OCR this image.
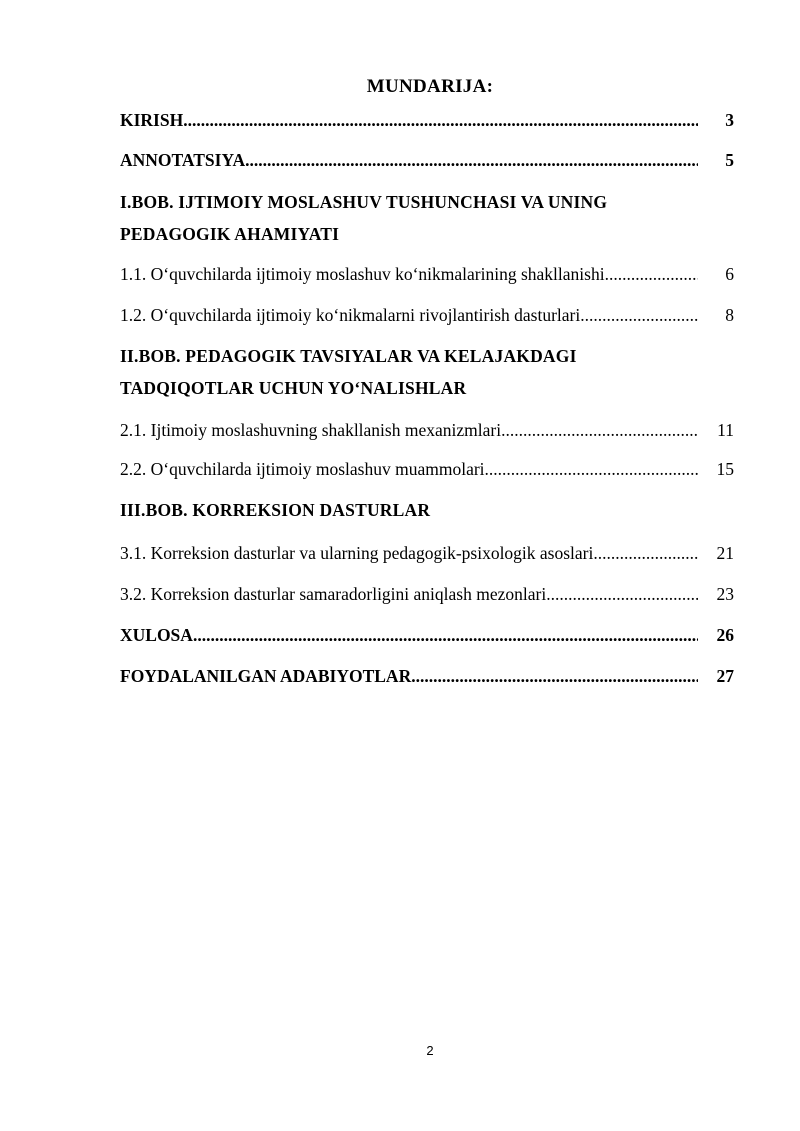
MUNDARIJA:
KIRISH .....	3
ANNOTATSIYA .....	5
I.BOB. IJTIMOIY MOSLASHUV TUSHUNCHASI VA UNING PEDAGOGIK AHAMIYATI
1.1. O‘quvchilarda ijtimoiy moslashuv ko‘nikmalarining shakllanishi .....	6
1.2. O‘quvchilarda ijtimoiy ko‘nikmalarni rivojlantirish dasturlari .....	8
II.BOB. PEDAGOGIK TAVSIYALAR VA KELAJAKDAGI TADQIQOTLAR UCHUN YO‘NALISHLAR
2.1. Ijtimoiy moslashuvning shakllanish mexanizmlari .....	11
2.2. O‘quvchilarda ijtimoiy moslashuv muammolari .....	15
III.BOB. KORREKSION DASTURLAR
3.1. Korreksion dasturlar va ularning pedagogik-psixologik asoslari .....	21
3.2. Korreksion dasturlar samaradorligini aniqlash mezonlari .....	23
XULOSA .....	26
FOYDALANILGAN ADABIYOTLAR .....	27
2
